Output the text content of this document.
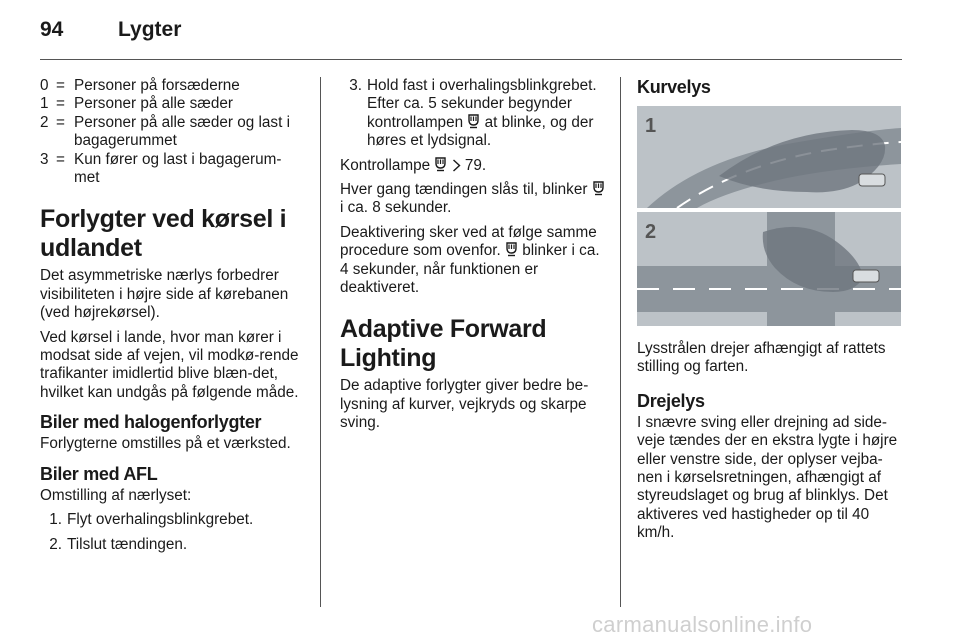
94	Lygter
0 = Personer på forsæderne
1 = Personer på alle sæder
2 = Personer på alle sæder og last i bagagerummet
3 = Kun fører og last i bagagerum-met
Forlygter ved kørsel i udlandet

Det asymmetriske nærlys forbedrer visibiliteten i højre side af kørebanen (ved højrekørsel).

Ved kørsel i lande, hvor man kører i modsat side af vejen, vil modkø-rende trafikanter imidlertid blive blæn-det, hvilket kan undgås på følgende måde.

Biler med halogenforlygter

Forlygterne omstilles på et værksted.

Biler med AFL

Omstilling af nærlyset:

1. Flyt overhalingsblinkgrebet.
2. Tilslut tændingen.
3. Hold fast i overhalingsblinkgrebet. Efter ca. 5 sekunder begynder kontrollampen at blinke, og der høres et lydsignal.

Kontrollampe 79.

Hver gang tændingen slås til, blinker  i ca. 8 sekunder.

Deaktivering sker ved at følge samme procedure som ovenfor. blinker i ca. 4 sekunder, når funktionen er deaktiveret.

Adaptive Forward Lighting

De adaptive forlygter giver bedre be-lysning af kurver, vejkryds og skarpe sving.

Kurvelys
1
2

Lysstrålen drejer afhængigt af rattets stilling og farten.

Drejelys

I snævre sving eller drejning ad side-veje tændes der en ekstra lygte i højre eller venstre side, der oplyser vejba-nen i kørselsretningen, afhængigt af styreudslaget og brug af blinklys. Det aktiveres ved hastigheder op til 40 km/h.

carmanualsonline.info
